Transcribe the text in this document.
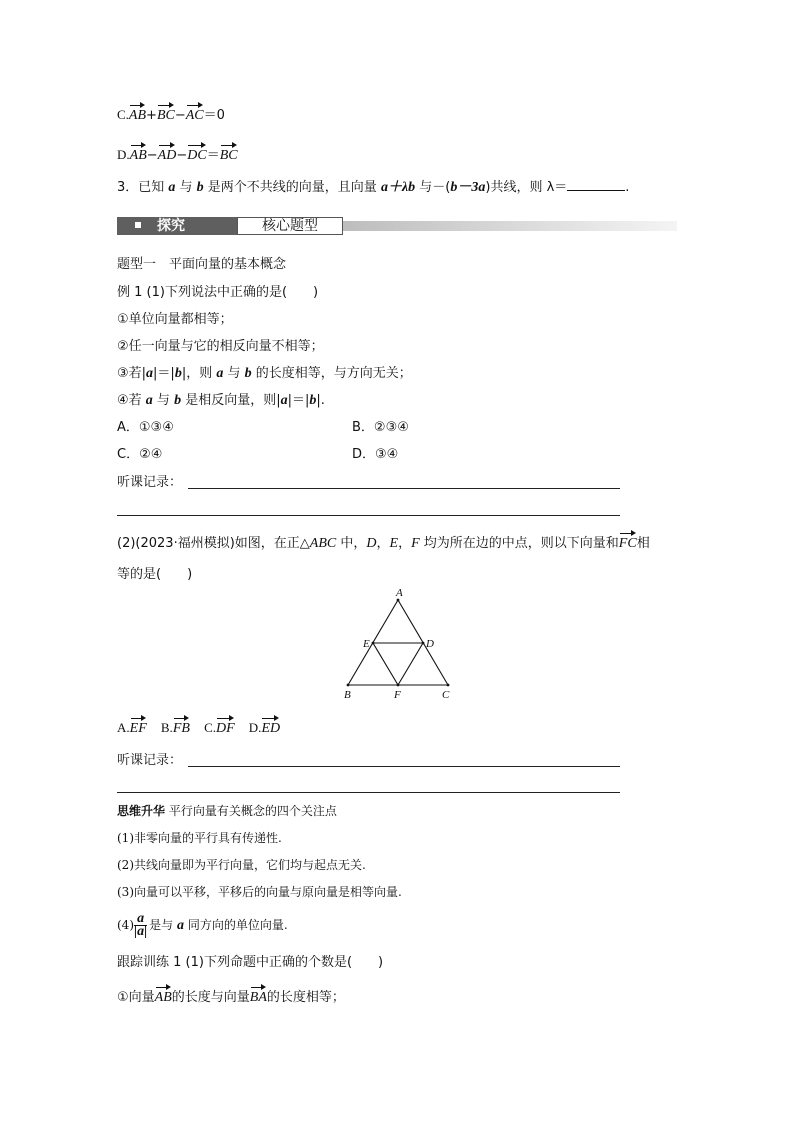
C.AB+BC−AC＝0
D.AB−AD−DC＝BC
3．已知 a 与 b 是两个不共线的向量，且向量 a＋λb 与－(b－3a)共线，则 λ＝	.
探究	核心题型
题型一　平面向量的基本概念
例 1 (1)下列说法中正确的是(　　)
①单位向量都相等；
②任一向量与它的相反向量不相等；
③若|a|＝|b|，则 a 与 b 的长度相等，与方向无关；
④若 a 与 b 是相反向量，则|a|＝|b|.
A．①③④	B．②③④
C．②④	D．③④
听课记录：
(2)(2023·福州模拟)如图，在正△ABC 中，D，E，F 均为所在边的中点，则以下向量和FC相
等的是(　　)
A
B	C
D
E
F
A.EF B.FB C.DF D.ED
听课记录：
思维升华 平行向量有关概念的四个关注点
(1)非零向量的平行具有传递性.
(2)共线向量即为平行向量，它们均与起点无关.
(3)向量可以平移，平移后的向量与原向量是相等向量.
$(4) \frac{a}{|a|}$ 是与 a 同方向的单位向量.
跟踪训练 1 (1)下列命题中正确的个数是(　　)
①向量AB的长度与向量BA的长度相等；
